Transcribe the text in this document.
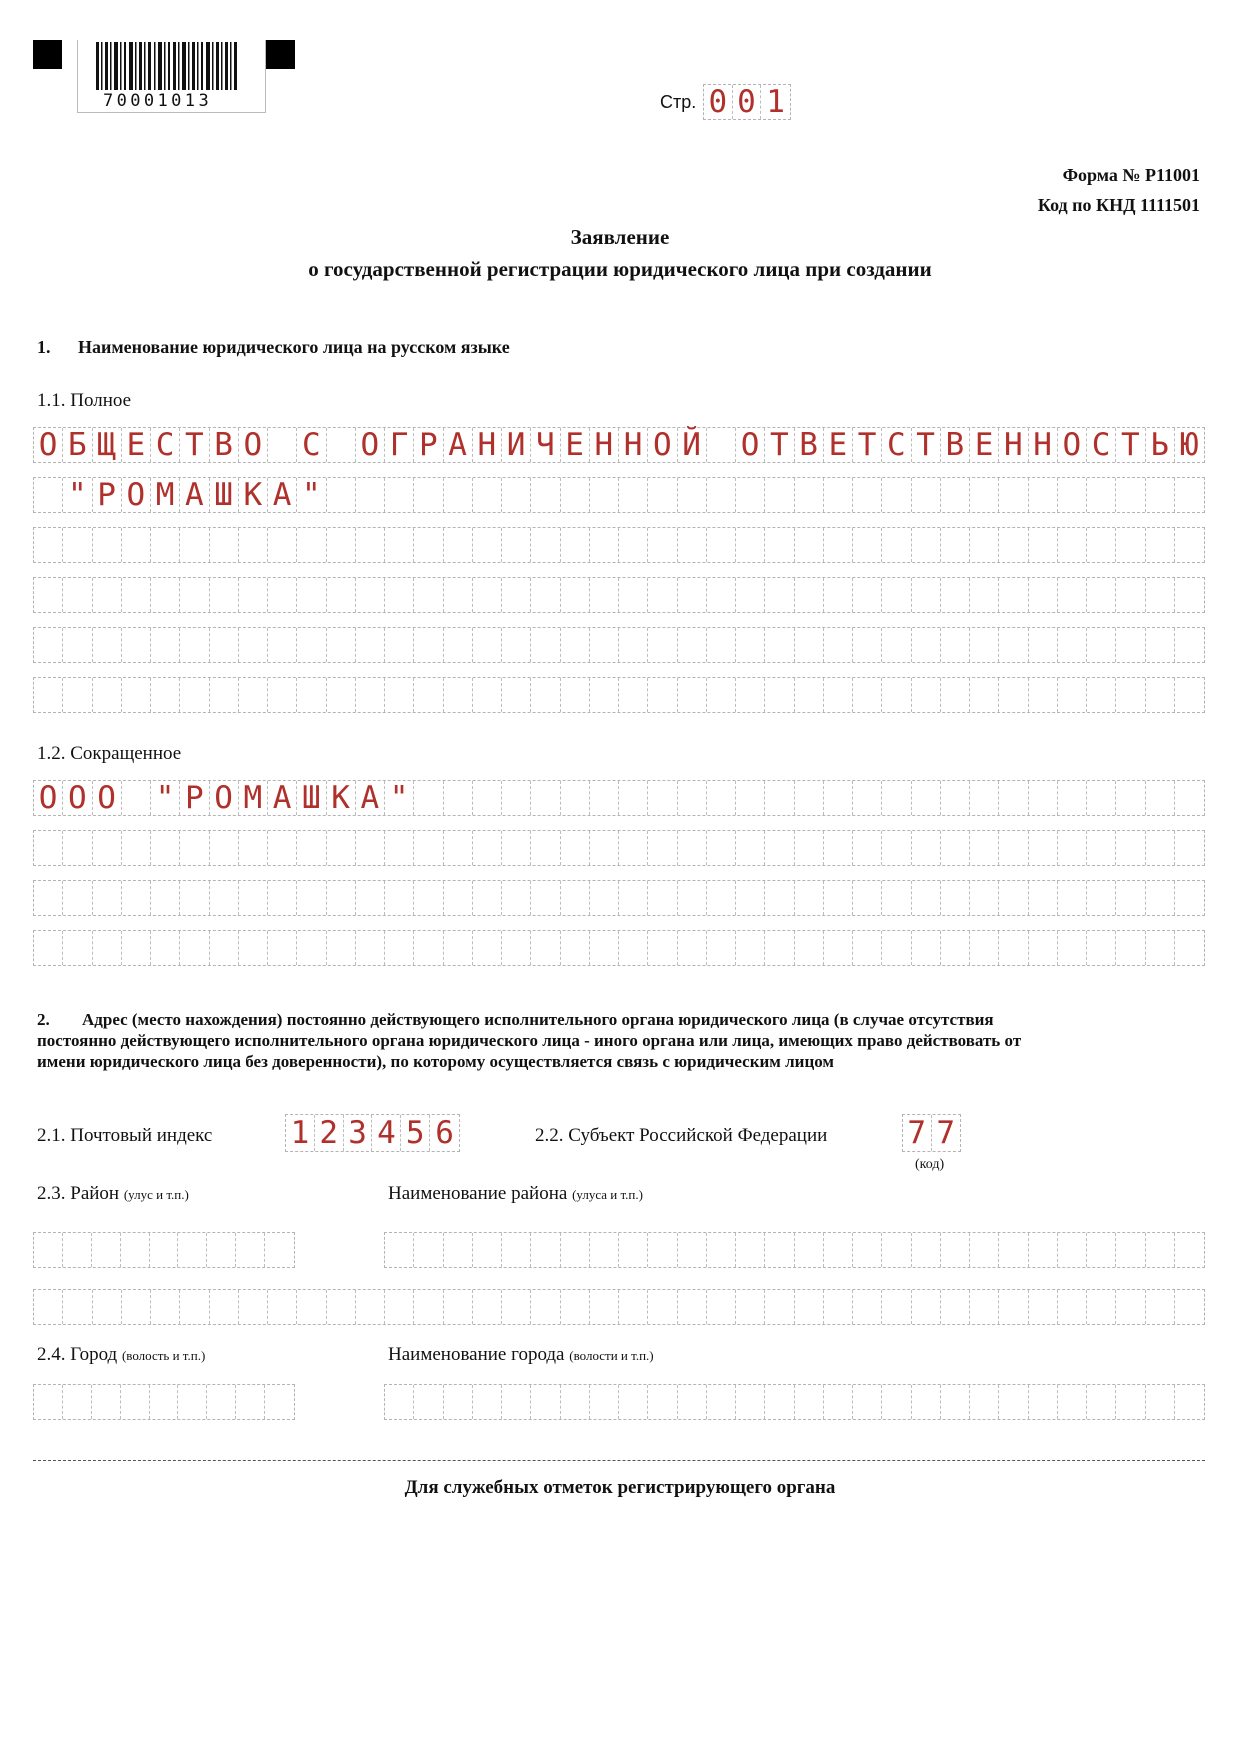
70001013	Стр. 0 0 1
Форма № Р11001
Код по КНД 1111501
Заявление
о государственной регистрации юридического лица при создании
1. Наименование юридического лица на русском языке
1.1. Полное
О Б Щ Е С Т В О С О Г Р А Н И Ч Е Н Н О Й О Т В Е Т С Т В Е Н Н О С Т Ь Ю
" Р О М А Ш К А "
1.2. Сокращенное
О О О " Р О М А Ш К А "
2. Адрес (место нахождения) постоянно действующего исполнительного органа юридического лица (в случае отсутствия
постоянно действующего исполнительного органа юридического лица - иного органа или лица, имеющих право действовать от
имени юридического лица без доверенности), по которому осуществляется связь с юридическим лицом
2.1. Почтовый индекс	1 2 3 4 5 6	2.2. Субъект Российской Федерации	7 7
(код)
2.3. Район (улус и т.п.)	Наименование района (улуса и т.п.)
2.4. Город (волость и т.п.)	Наименование города (волости и т.п.)
Для служебных отметок регистрирующего органа
